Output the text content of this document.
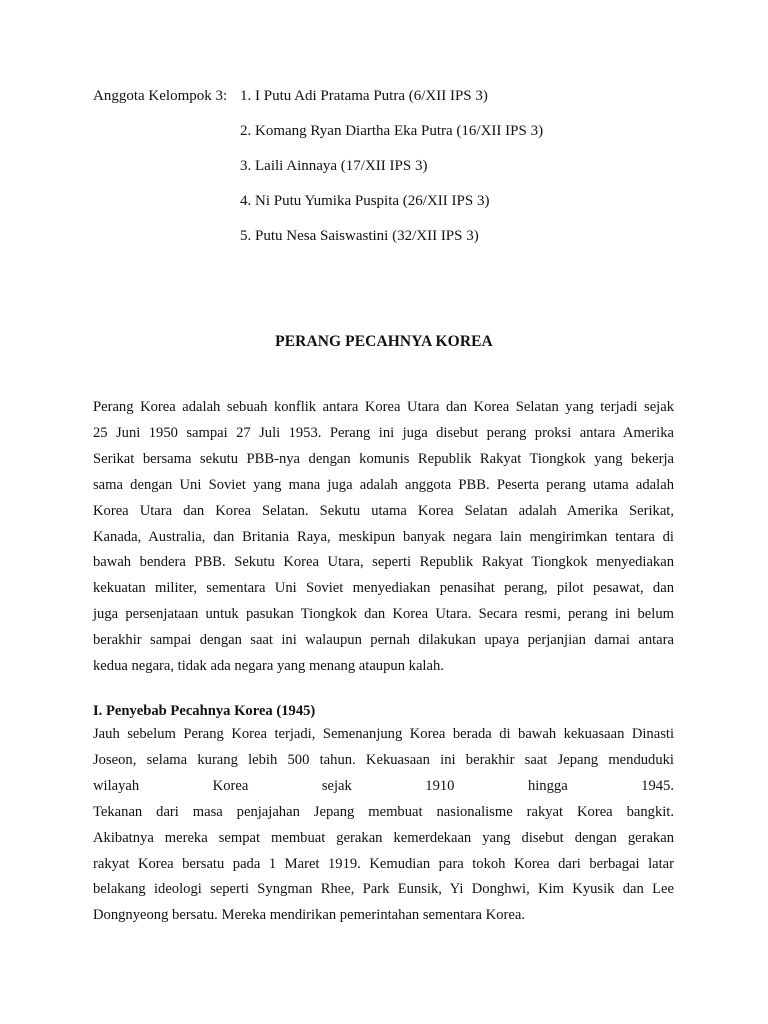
Anggota Kelompok 3: 1. I Putu Adi Pratama Putra (6/XII IPS 3)
2. Komang Ryan Diartha Eka Putra (16/XII IPS 3)
3. Laili Ainnaya (17/XII IPS 3)
4. Ni Putu Yumika Puspita (26/XII IPS 3)
5. Putu Nesa Saiswastini (32/XII IPS 3)
PERANG PECAHNYA KOREA
Perang Korea adalah sebuah konflik antara Korea Utara dan Korea Selatan yang terjadi sejak
25 Juni 1950 sampai 27 Juli 1953. Perang ini juga disebut perang proksi antara Amerika
Serikat bersama sekutu PBB-nya dengan komunis Republik Rakyat Tiongkok yang bekerja
sama dengan Uni Soviet yang mana juga adalah anggota PBB. Peserta perang utama adalah
Korea Utara dan Korea Selatan. Sekutu utama Korea Selatan adalah Amerika Serikat,
Kanada, Australia, dan Britania Raya, meskipun banyak negara lain mengirimkan tentara di
bawah bendera PBB. Sekutu Korea Utara, seperti Republik Rakyat Tiongkok menyediakan
kekuatan militer, sementara Uni Soviet menyediakan penasihat perang, pilot pesawat, dan
juga persenjataan untuk pasukan Tiongkok dan Korea Utara. Secara resmi, perang ini belum
berakhir sampai dengan saat ini walaupun pernah dilakukan upaya perjanjian damai antara
kedua negara, tidak ada negara yang menang ataupun kalah.
I. Penyebab Pecahnya Korea (1945)
Jauh sebelum Perang Korea terjadi, Semenanjung Korea berada di bawah kekuasaan Dinasti
Joseon, selama kurang lebih 500 tahun. Kekuasaan ini berakhir saat Jepang menduduki
wilayah Korea sejak 1910 hingga 1945.
Tekanan dari masa penjajahan Jepang membuat nasionalisme rakyat Korea bangkit.
Akibatnya mereka sempat membuat gerakan kemerdekaan yang disebut dengan gerakan
rakyat Korea bersatu pada 1 Maret 1919. Kemudian para tokoh Korea dari berbagai latar
belakang ideologi seperti Syngman Rhee, Park Eunsik, Yi Donghwi, Kim Kyusik dan Lee
Dongnyeong bersatu. Mereka mendirikan pemerintahan sementara Korea.
